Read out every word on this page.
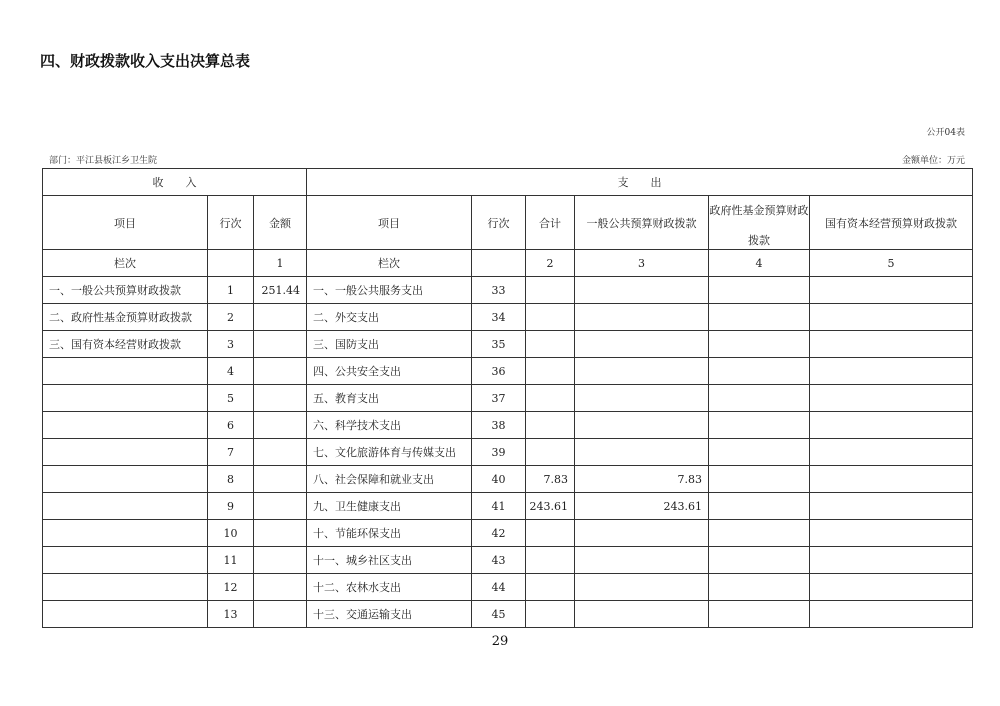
四、财政拨款收入支出决算总表
公开04表
部门：平江县板江乡卫生院	金额单位：万元
收　　入			支　　出					
项目	行次	金额	项目	行次	合计	一般公共预算财政拨款	政府性基金预算财政拨款	国有资本经营预算财政拨款
栏次		1	栏次		2	3	4	5
一、一般公共预算财政拨款	1	251.44	一、一般公共服务支出	33				
二、政府性基金预算财政拨款	2		二、外交支出	34				
三、国有资本经营财政拨款	3		三、国防支出	35				
	4		四、公共安全支出	36				
	5		五、教育支出	37				
	6		六、科学技术支出	38				
	7		七、文化旅游体育与传媒支出	39				
	8		八、社会保障和就业支出	40	7.83	7.83		
	9		九、卫生健康支出	41	243.61	243.61		
	10		十、节能环保支出	42				
	11		十一、城乡社区支出	43				
	12		十二、农林水支出	44				
	13		十三、交通运输支出	45				
29
